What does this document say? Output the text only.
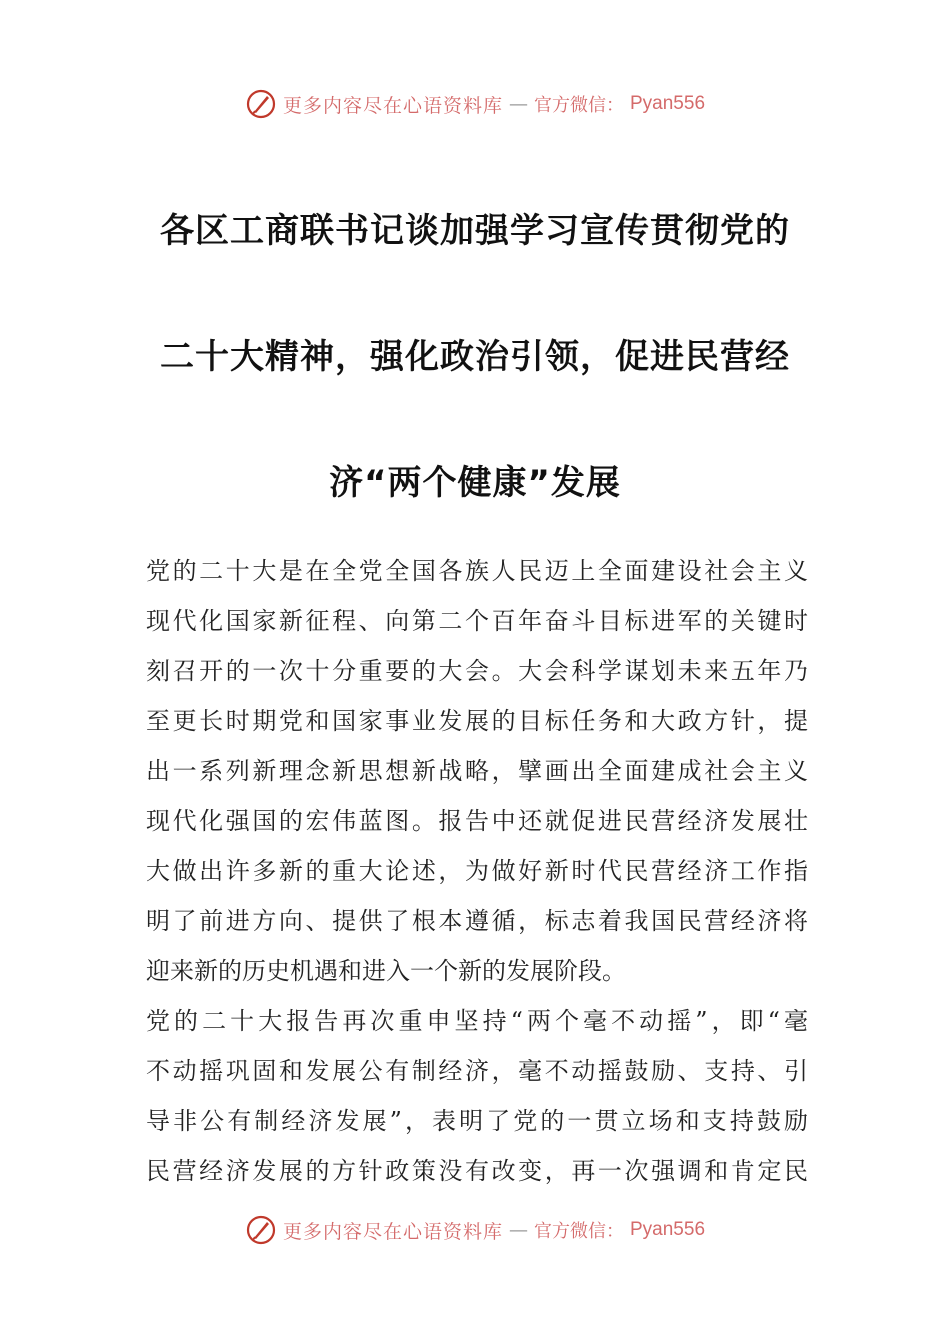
更多内容尽在心语资料库 — 官方微信： Pyan556
各区工商联书记谈加强学习宣传贯彻党的
二十大精神，强化政治引领，促进民营经
济“两个健康”发展
党的二十大是在全党全国各族人民迈上全面建设社会主义
现代化国家新征程、向第二个百年奋斗目标进军的关键时
刻召开的一次十分重要的大会。大会科学谋划未来五年乃
至更长时期党和国家事业发展的目标任务和大政方针，提
出一系列新理念新思想新战略，擘画出全面建成社会主义
现代化强国的宏伟蓝图。报告中还就促进民营经济发展壮
大做出许多新的重大论述，为做好新时代民营经济工作指
明了前进方向、提供了根本遵循，标志着我国民营经济将
迎来新的历史机遇和进入一个新的发展阶段。
党的二十大报告再次重申坚持“两个毫不动摇”，即“毫
不动摇巩固和发展公有制经济，毫不动摇鼓励、支持、引
导非公有制经济发展”，表明了党的一贯立场和支持鼓励
民营经济发展的方针政策没有改变，再一次强调和肯定民
更多内容尽在心语资料库 — 官方微信： Pyan556
